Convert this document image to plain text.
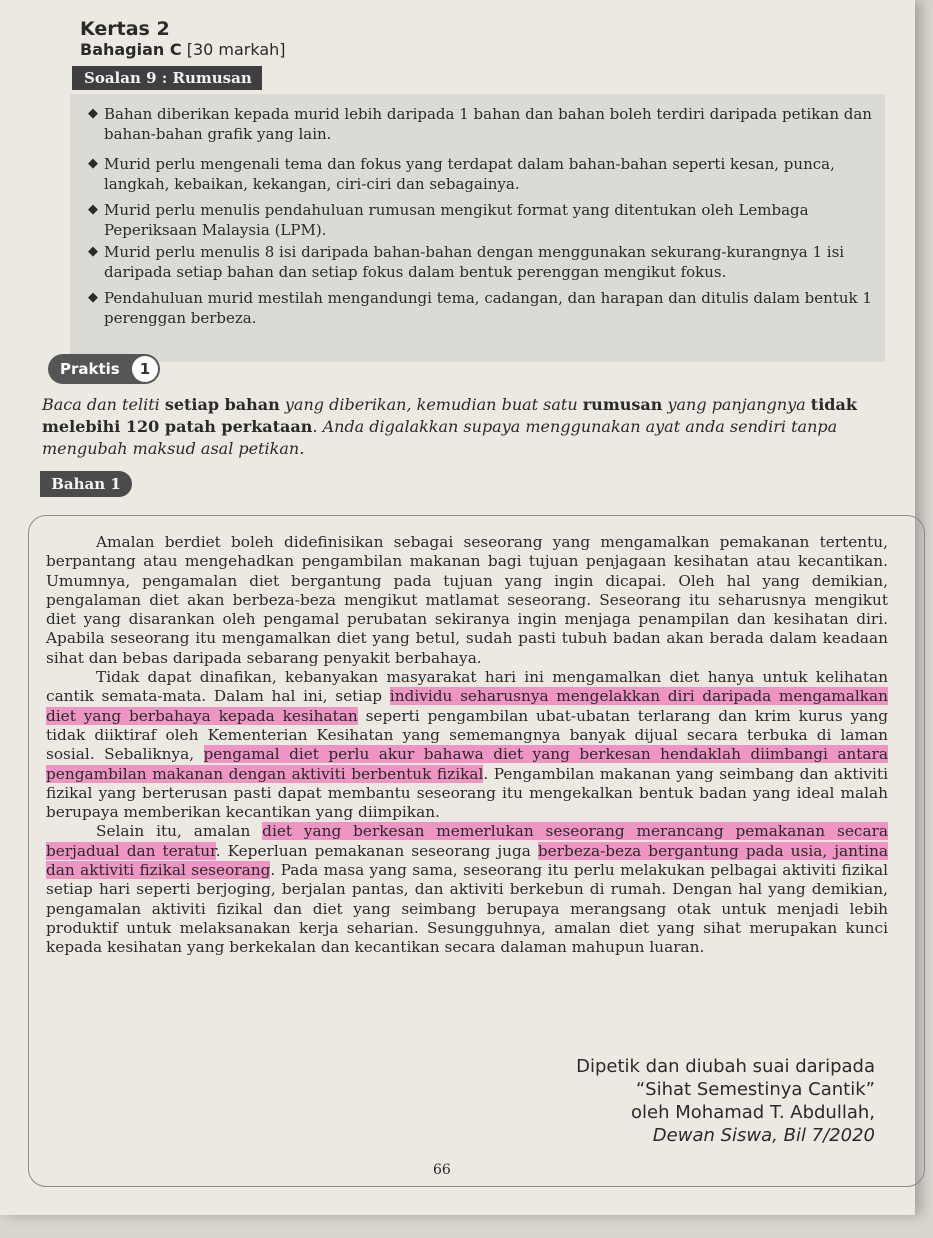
Kertas 2
Bahagian C [30 markah]
Soalan 9 : Rumusan
◆ Bahan diberikan kepada murid lebih daripada 1 bahan dan bahan boleh terdiri daripada petikan dan bahan-bahan grafik yang lain.
◆ Murid perlu mengenali tema dan fokus yang terdapat dalam bahan-bahan seperti kesan, punca, langkah, kebaikan, kekangan, ciri-ciri dan sebagainya.
◆ Murid perlu menulis pendahuluan rumusan mengikut format yang ditentukan oleh Lembaga Peperiksaan Malaysia (LPM).
◆ Murid perlu menulis 8 isi daripada bahan-bahan dengan menggunakan sekurang-kurangnya 1 isi daripada setiap bahan dan setiap fokus dalam bentuk perenggan mengikut fokus.
◆ Pendahuluan murid mestilah mengandungi tema, cadangan, dan harapan dan ditulis dalam bentuk 1 perenggan berbeza.
Praktis	1
Baca dan teliti setiap bahan yang diberikan, kemudian buat satu rumusan yang panjangnya tidak melebihi 120 patah perkataan. Anda digalakkan supaya menggunakan ayat anda sendiri tanpa mengubah maksud asal petikan.
Bahan 1

Amalan berdiet boleh didefinisikan sebagai seseorang yang mengamalkan pemakanan tertentu, berpantang atau mengehadkan pengambilan makanan bagi tujuan penjagaan kesihatan atau kecantikan. Umumnya, pengamalan diet bergantung pada tujuan yang ingin dicapai. Oleh hal yang demikian, pengalaman diet akan berbeza-beza mengikut matlamat seseorang. Seseorang itu seharusnya mengikut diet yang disarankan oleh pengamal perubatan sekiranya ingin menjaga penampilan dan kesihatan diri. Apabila seseorang itu mengamalkan diet yang betul, sudah pasti tubuh badan akan berada dalam keadaan sihat dan bebas daripada sebarang penyakit berbahaya.

Tidak dapat dinafikan, kebanyakan masyarakat hari ini mengamalkan diet hanya untuk kelihatan cantik semata-mata. Dalam hal ini, setiap individu seharusnya mengelakkan diri daripada mengamalkan diet yang berbahaya kepada kesihatan seperti pengambilan ubat-ubatan terlarang dan krim kurus yang tidak diiktiraf oleh Kementerian Kesihatan yang sememangnya banyak dijual secara terbuka di laman sosial. Sebaliknya, pengamal diet perlu akur bahawa diet yang berkesan hendaklah diimbangi antara pengambilan makanan dengan aktiviti berbentuk fizikal. Pengambilan makanan yang seimbang dan aktiviti fizikal yang berterusan pasti dapat membantu seseorang itu mengekalkan bentuk badan yang ideal malah berupaya memberikan kecantikan yang diimpikan.

Selain itu, amalan diet yang berkesan memerlukan seseorang merancang pemakanan secara berjadual dan teratur. Keperluan pemakanan seseorang juga berbeza-beza bergantung pada usia, jantina dan aktiviti fizikal seseorang. Pada masa yang sama, seseorang itu perlu melakukan pelbagai aktiviti fizikal setiap hari seperti berjoging, berjalan pantas, dan aktiviti berkebun di rumah. Dengan hal yang demikian, pengamalan aktiviti fizikal dan diet yang seimbang berupaya merangsang otak untuk menjadi lebih produktif untuk melaksanakan kerja seharian. Sesungguhnya, amalan diet yang sihat merupakan kunci kepada kesihatan yang berkekalan dan kecantikan secara dalaman mahupun luaran.

Dipetik dan diubah suai daripada
“Sihat Semestinya Cantik”
oleh Mohamad T. Abdullah,
Dewan Siswa, Bil 7/2020
66
